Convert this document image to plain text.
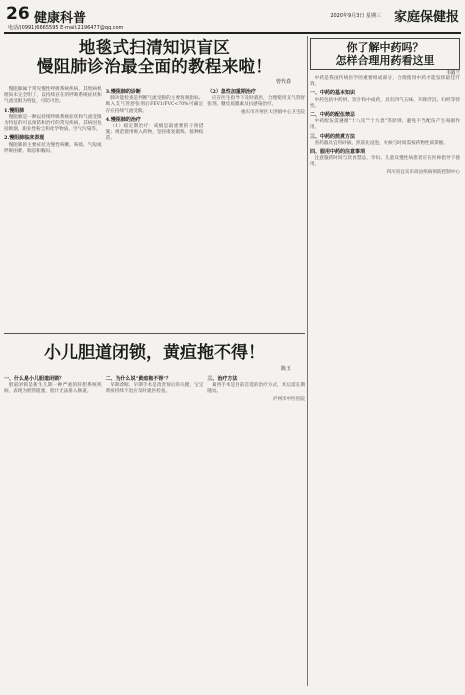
26 健康科普
电话/(0991)6665595 E-mail:2196477@qq.com
2020年9月3日 星期三 家庭保健报
地毯式扫清知识盲区
慢阻肺诊治最全面的教程来啦！
曾代春

慢阻肺属于常见慢性呼吸系统疾病，其致病机理尚未完全明了，以持续存在的呼吸系统症状和气流受限为特征，可防可治。

1.慢阻肺

慢阻肺是一种以持续呼吸系统症状和气流受限为特征的可以预防和治疗的常见疾病，其病因包括吸烟、职业性粉尘和化学物质、空气污染等。

2.慢阻肺临床表现

慢阻肺的主要症状为慢性咳嗽、咳痰、气短或呼吸困难、喘息和胸闷。

3.慢阻肺的诊断

肺功能检查是判断气流受限的主要客观指标，吸入支气管舒张剂后FEV1/FVC<70%可确定存在持续气流受限。

4.慢阻肺的治疗

（1）稳定期治疗：戒烟是最重要的干预措施；规范使用吸入药物，坚持康复锻炼，接种疫苗。

（2）急性加重期治疗

应在医生指导下及时就医，合理使用支气管舒张剂、糖皮质激素及抗感染治疗。

重庆市开州区大进镇中心卫生院

小儿胆道闭锁，黄疸拖不得！
陈玉
一、什么是小儿胆道闭锁？

胆道闭锁是新生儿期一种严重的肝胆系统疾病，表现为胆管阻塞，胆汁无法排入肠道。

二、为什么说"黄疸拖不得"？

早期诊断、早期手术是改善预后的关键，宝宝黄疸持续不退应及时就医检查。

三、治疗方法

葛西手术是目前首选的治疗方式，术后需长期随访。

泸州市中医医院

你了解中药吗？
怎样合理用药看这里
韦淑兰

中药是我国传统医学的重要组成部分，合理使用中药才能发挥最佳疗效。

一、中药的基本知识

中药包括中药材、饮片和中成药，具有四气五味、升降浮沉、归经等特性。

二、中药的配伍禁忌

中药配伍需遵循"十八反""十九畏"等原则，避免不当配伍产生毒副作用。

三、中药的煎煮方法

煎药器具宜用砂锅，煎前先浸泡，火候与时间需按药物性质掌握。

四、服用中药的注意事项

注意服药时间与饮食禁忌，孕妇、儿童及慢性病患者应在医师指导下使用。

四川省宜宾市高县疾病预防控制中心
